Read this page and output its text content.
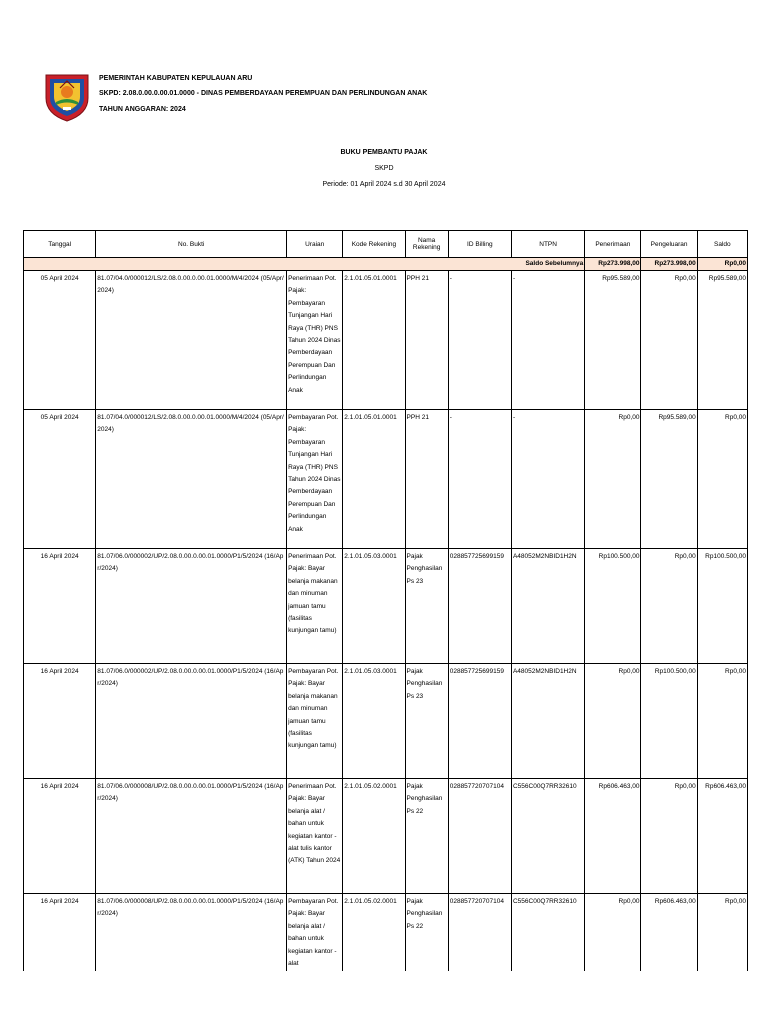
PEMERINTAH KABUPATEN KEPULAUAN ARU
SKPD: 2.08.0.00.0.00.01.0000 - DINAS PEMBERDAYAAN PEREMPUAN DAN PERLINDUNGAN ANAK
TAHUN ANGGARAN: 2024
BUKU PEMBANTU PAJAK
SKPD
Periode: 01 April 2024 s.d 30 April 2024
Tanggal	No. Bukti	Uraian	Kode Rekening	Nama Rekening	ID Billing	NTPN	Penerimaan	Pengeluaran	Saldo
Saldo Sebelumnya							Rp273.998,00	Rp273.998,00	Rp0,00
05 April 2024	81.07/04.0/000012/LS/2.08.0.00.0.00.01.0000/M/4/2024 (05/Apr/2024)	Penerimaan Pot. Pajak: Pembayaran Tunjangan Hari Raya (THR) PNS Tahun 2024 Dinas Pemberdayaan Perempuan Dan Perlindungan Anak	2.1.01.05.01.0001	PPH 21	-	-	Rp95.589,00	Rp0,00	Rp95.589,00
05 April 2024	81.07/04.0/000012/LS/2.08.0.00.0.00.01.0000/M/4/2024 (05/Apr/2024)	Pembayaran Pot. Pajak: Pembayaran Tunjangan Hari Raya (THR) PNS Tahun 2024 Dinas Pemberdayaan Perempuan Dan Perlindungan Anak	2.1.01.05.01.0001	PPH 21	-	-	Rp0,00	Rp95.589,00	Rp0,00
16 April 2024	81.07/06.0/000002/UP/2.08.0.00.0.00.01.0000/P1/5/2024 (16/Apr/2024)	Penerimaan Pot. Pajak: Bayar belanja makanan dan minuman jamuan tamu (fasilitas kunjungan tamu)	2.1.01.05.03.0001	Pajak Penghasilan Ps 23	028857725699159	A48052M2NBID1H2N	Rp100.500,00	Rp0,00	Rp100.500,00
16 April 2024	81.07/06.0/000002/UP/2.08.0.00.0.00.01.0000/P1/5/2024 (16/Apr/2024)	Pembayaran Pot. Pajak: Bayar belanja makanan dan minuman jamuan tamu (fasilitas kunjungan tamu)	2.1.01.05.03.0001	Pajak Penghasilan Ps 23	028857725699159	A48052M2NBID1H2N	Rp0,00	Rp100.500,00	Rp0,00
16 April 2024	81.07/06.0/000008/UP/2.08.0.00.0.00.01.0000/P1/5/2024 (16/Apr/2024)	Penerimaan Pot. Pajak: Bayar belanja alat / bahan untuk kegiatan kantor - alat tulis kantor (ATK) Tahun 2024	2.1.01.05.02.0001	Pajak Penghasilan Ps 22	028857720707104	C556C00Q7RR32610	Rp606.463,00	Rp0,00	Rp606.463,00
16 April 2024	81.07/06.0/000008/UP/2.08.0.00.0.00.01.0000/P1/5/2024 (16/Apr/2024)	Pembayaran Pot. Pajak: Bayar belanja alat / bahan untuk kegiatan kantor - alat	2.1.01.05.02.0001	Pajak Penghasilan Ps 22	028857720707104	C556C00Q7RR32610	Rp0,00	Rp606.463,00	Rp0,00
